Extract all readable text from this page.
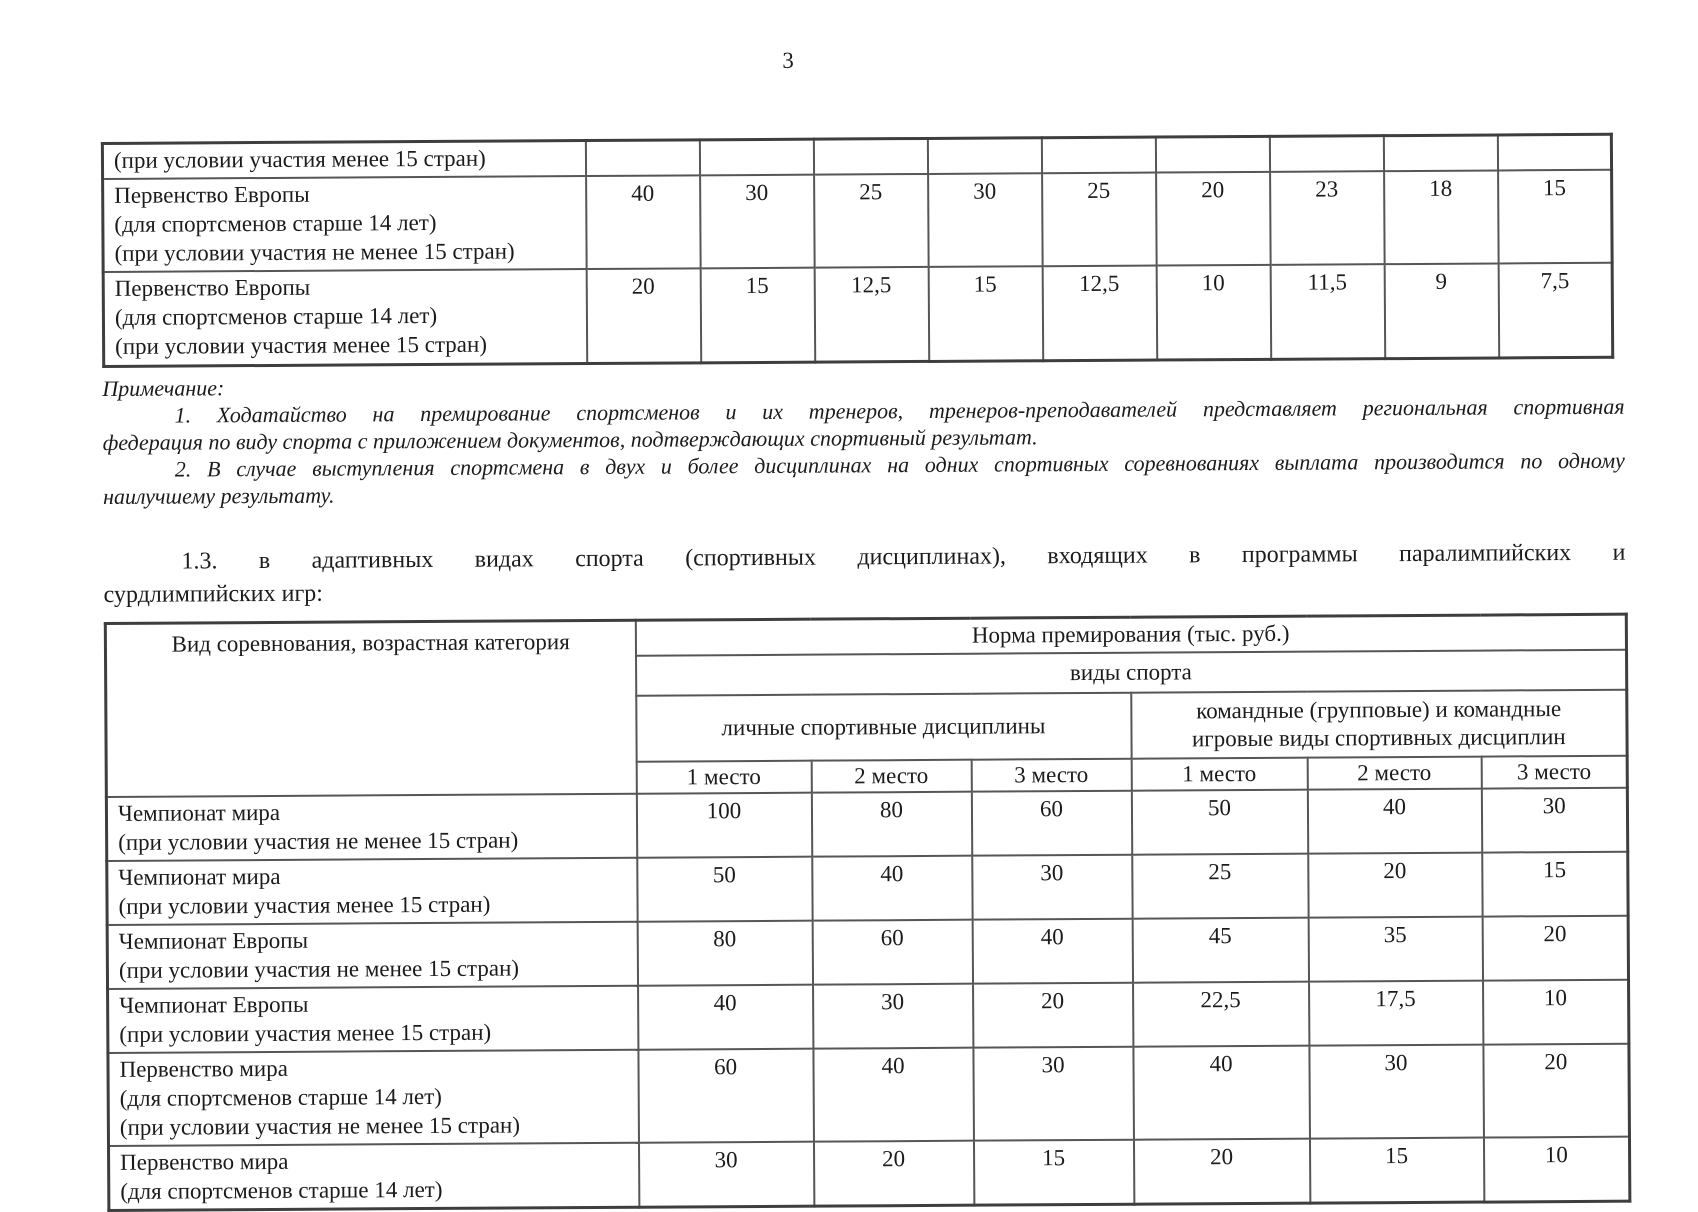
3
(при условии участия менее 15 стран)									

Первенство Европы
(для спортсменов старше 14 лет)
(при условии участия не менее 15 стран)	40	30	25	30	25	20	23	18	15

Первенство Европы
(для спортсменов старше 14 лет)
(при условии участия менее 15 стран)	20	15	12,5	15	12,5	10	11,5	9	7,5
Примечание:

1. Ходатайство на премирование спортсменов и их тренеров, тренеров-преподавателей представляет региональная спортивная
федерация по виду спорта с приложением документов, подтверждающих спортивный результат.

2. В случае выступления спортсмена в двух и более дисциплинах на одних спортивных соревнованиях выплата производится по одному
наилучшему результату.

1.3. в адаптивных видах спорта (спортивных дисциплинах), входящих в программы паралимпийских и
сурдлимпийских игр:

Вид соревнования, возрастная категория	Норма премирования (тыс. руб.)					
	виды спорта					
	личные спортивные дисциплины			командные (групповые) и командные
игровые виды спортивных дисциплин		

	1 место	2 место	3 место	1 место	2 место	3 место

Чемпионат мира
(при условии участия не менее 15 стран)	100	80	60	50	40	30

Чемпионат мира
(при условии участия менее 15 стран)	50	40	30	25	20	15

Чемпионат Европы
(при условии участия не менее 15 стран)	80	60	40	45	35	20

Чемпионат Европы
(при условии участия менее 15 стран)	40	30	20	22,5	17,5	10

Первенство мира
(для спортсменов старше 14 лет)
(при условии участия не менее 15 стран)	60	40	30	40	30	20

Первенство мира
(для спортсменов старше 14 лет)	30	20	15	20	15	10
